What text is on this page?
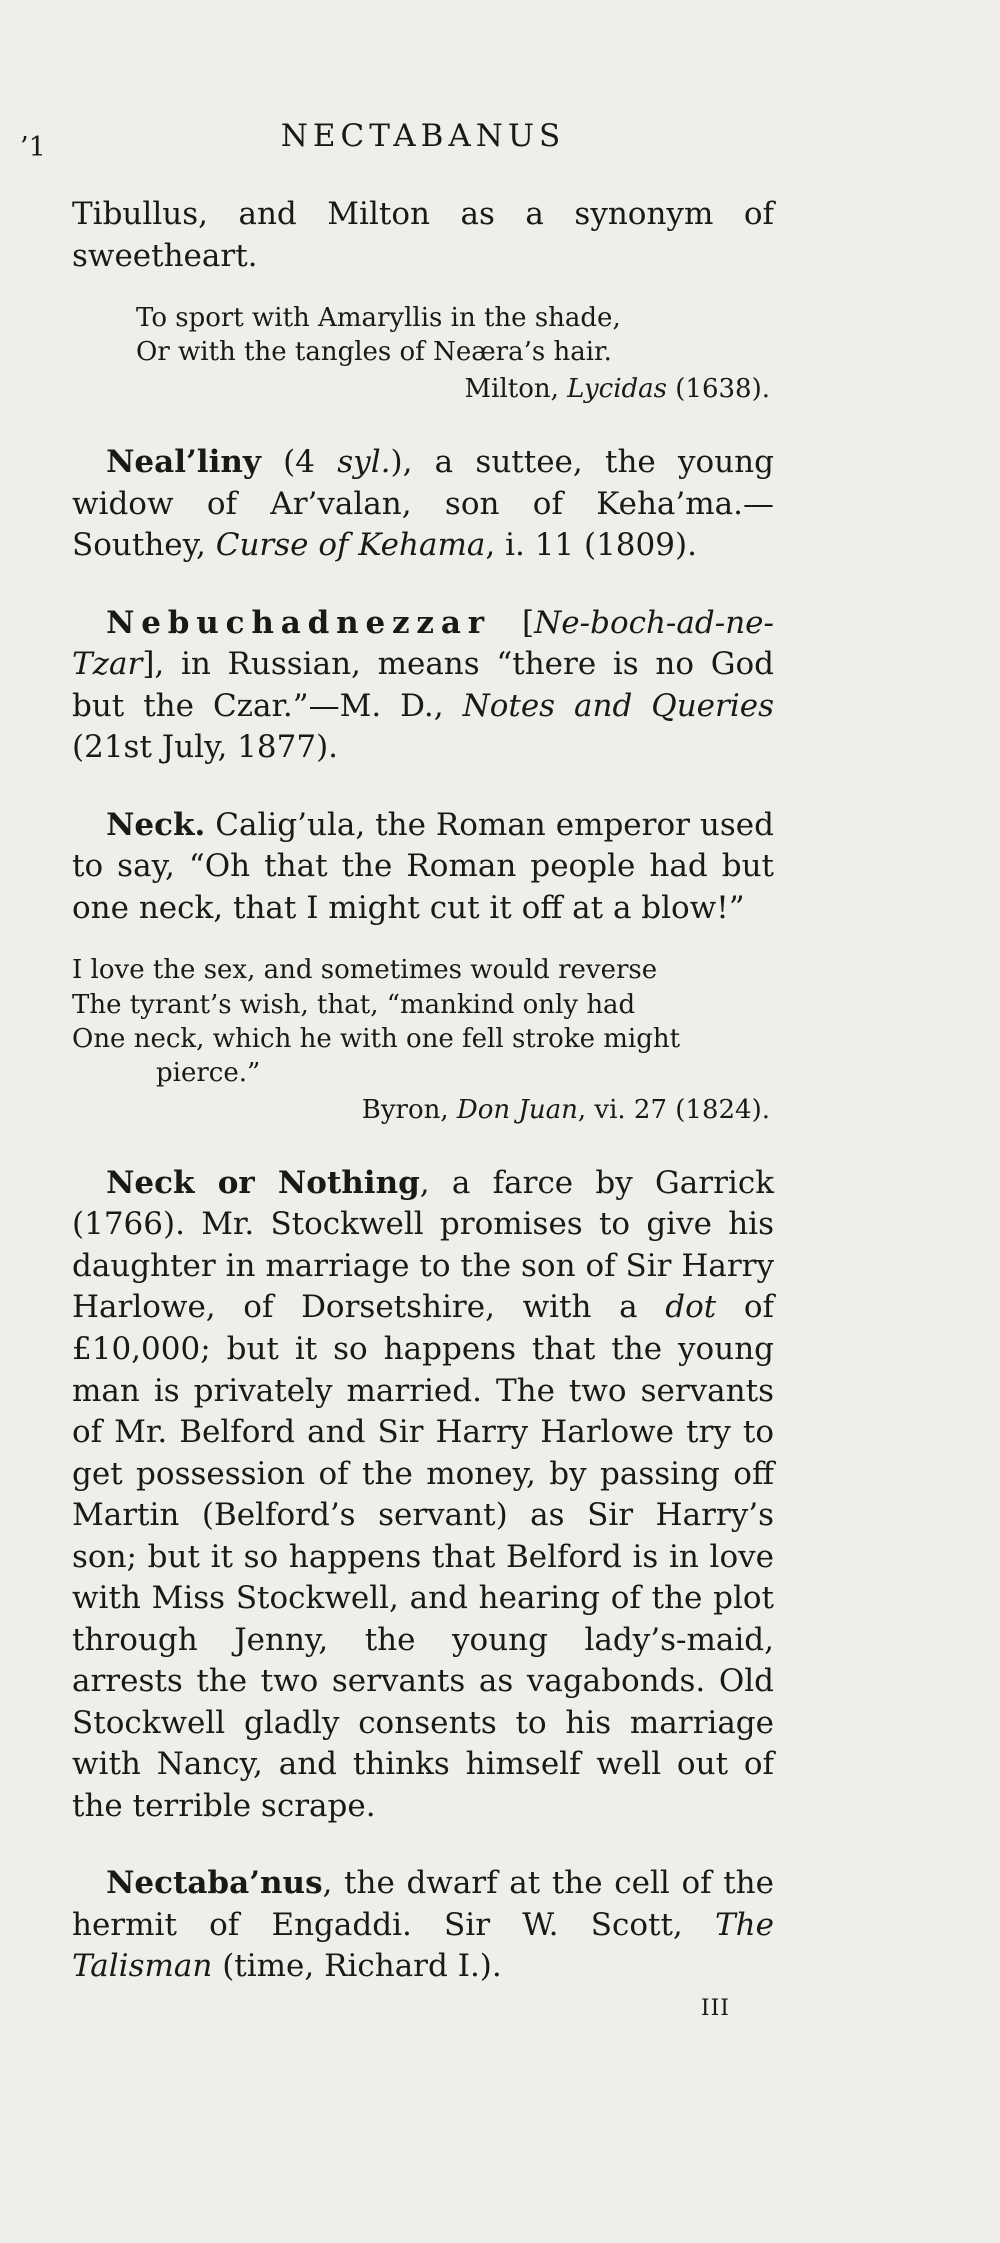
’1	NECTABANUS

Tibullus, and Milton as a synonym of sweetheart.

To sport with Amaryllis in the shade,
Or with the tangles of Neæra’s hair.
Milton, Lycidas (1638).

Neal’liny (4 syl.), a suttee, the young widow of Ar’valan, son of Keha’ma.—Southey, Curse of Kehama, i. 11 (1809).

Nebuchadnezzar [Ne-boch-ad-ne-Tzar], in Russian, means “there is no God but the Czar.”—M. D., Notes and Queries (21st July, 1877).

Neck. Calig’ula, the Roman emperor used to say, “Oh that the Roman people had but one neck, that I might cut it off at a blow!”

I love the sex, and sometimes would reverse
The tyrant’s wish, that, “mankind only had
One neck, which he with one fell stroke might
pierce.”
Byron, Don Juan, vi. 27 (1824).

Neck or Nothing, a farce by Garrick (1766). Mr. Stockwell promises to give his daughter in marriage to the son of Sir Harry Harlowe, of Dorsetshire, with a dot of £10,000; but it so happens that the young man is privately married. The two servants of Mr. Belford and Sir Harry Harlowe try to get possession of the money, by passing off Martin (Belford’s servant) as Sir Harry’s son; but it so happens that Belford is in love with Miss Stockwell, and hearing of the plot through Jenny, the young lady’s-maid, arrests the two servants as vagabonds. Old Stockwell gladly consents to his marriage with Nancy, and thinks himself well out of the terrible scrape.

Nectaba’nus, the dwarf at the cell of the hermit of Engaddi. Sir W. Scott, The Talisman (time, Richard I.).

III
